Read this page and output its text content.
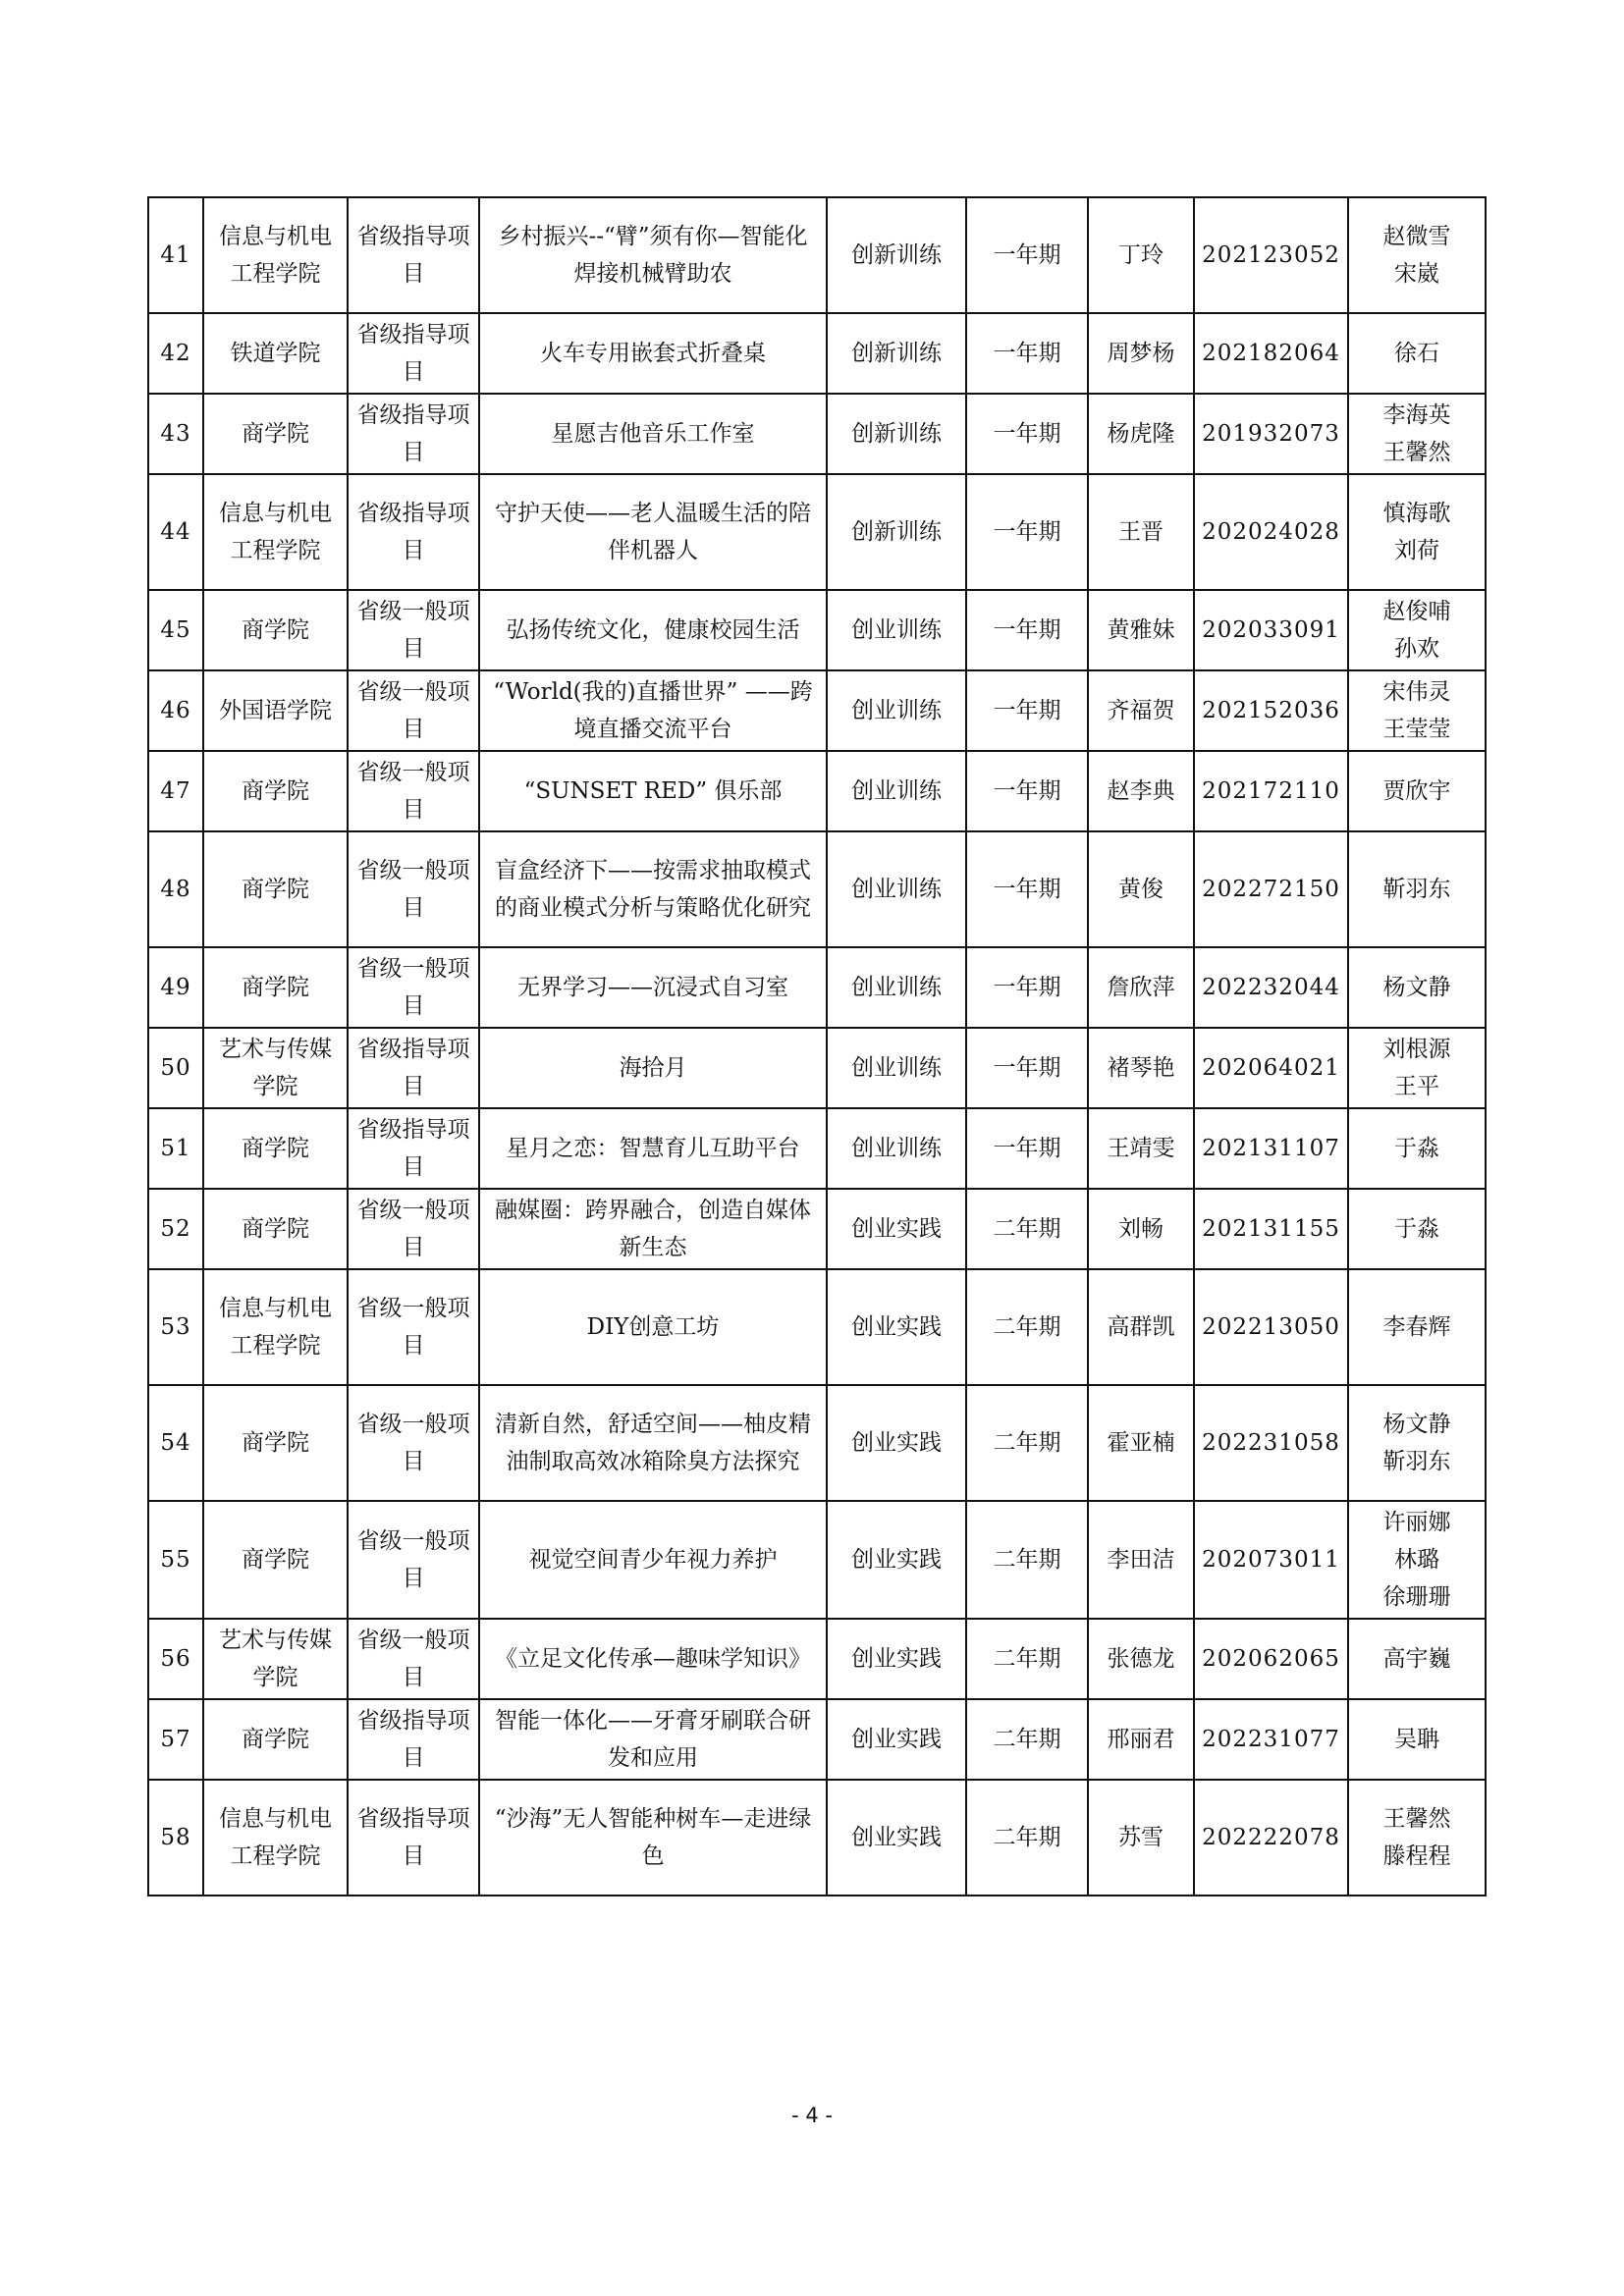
41	信息与机电工程学院	省级指导项目	乡村振兴--“臂”须有你—智能化焊接机械臂助农	创新训练	一年期	丁玲	202123052	赵微雪
宋崴

42	铁道学院	省级指导项目	火车专用嵌套式折叠桌	创新训练	一年期	周梦杨	202182064	徐石

43	商学院	省级指导项目	星愿吉他音乐工作室	创新训练	一年期	杨虎隆	201932073	李海英
王馨然

44	信息与机电工程学院	省级指导项目	守护天使——老人温暖生活的陪伴机器人	创新训练	一年期	王晋	202024028	慎海歌
刘荷

45	商学院	省级一般项目	弘扬传统文化，健康校园生活	创业训练	一年期	黄雅妹	202033091	赵俊哺
孙欢

46	外国语学院	省级一般项目	“World(我的)直播世界” ——跨境直播交流平台	创业训练	一年期	齐福贺	202152036	宋伟灵
王莹莹

47	商学院	省级一般项目	“SUNSET RED” 俱乐部	创业训练	一年期	赵李典	202172110	贾欣宇

48	商学院	省级一般项目	盲盒经济下——按需求抽取模式的商业模式分析与策略优化研究	创业训练	一年期	黄俊	202272150	靳羽东

49	商学院	省级一般项目	无界学习——沉浸式自习室	创业训练	一年期	詹欣萍	202232044	杨文静

50	艺术与传媒学院	省级指导项目	海拾月	创业训练	一年期	褚琴艳	202064021	刘根源
王平

51	商学院	省级指导项目	星月之恋：智慧育儿互助平台	创业训练	一年期	王靖雯	202131107	于淼

52	商学院	省级一般项目	融媒圈：跨界融合，创造自媒体新生态	创业实践	二年期	刘畅	202131155	于淼

53	信息与机电工程学院	省级一般项目	DIY创意工坊	创业实践	二年期	高群凯	202213050	李春辉

54	商学院	省级一般项目	清新自然，舒适空间——柚皮精油制取高效冰箱除臭方法探究	创业实践	二年期	霍亚楠	202231058	杨文静
靳羽东

55	商学院	省级一般项目	视觉空间青少年视力养护	创业实践	二年期	李田洁	202073011	许丽娜
林璐
徐珊珊

56	艺术与传媒学院	省级一般项目	《立足文化传承—趣味学知识》	创业实践	二年期	张德龙	202062065	高宇巍

57	商学院	省级指导项目	智能一体化——牙膏牙刷联合研发和应用	创业实践	二年期	邢丽君	202231077	吴聃

58	信息与机电工程学院	省级指导项目	“沙海”无人智能种树车—走进绿色	创业实践	二年期	苏雪	202222078	王馨然
滕程程
- 4 -
